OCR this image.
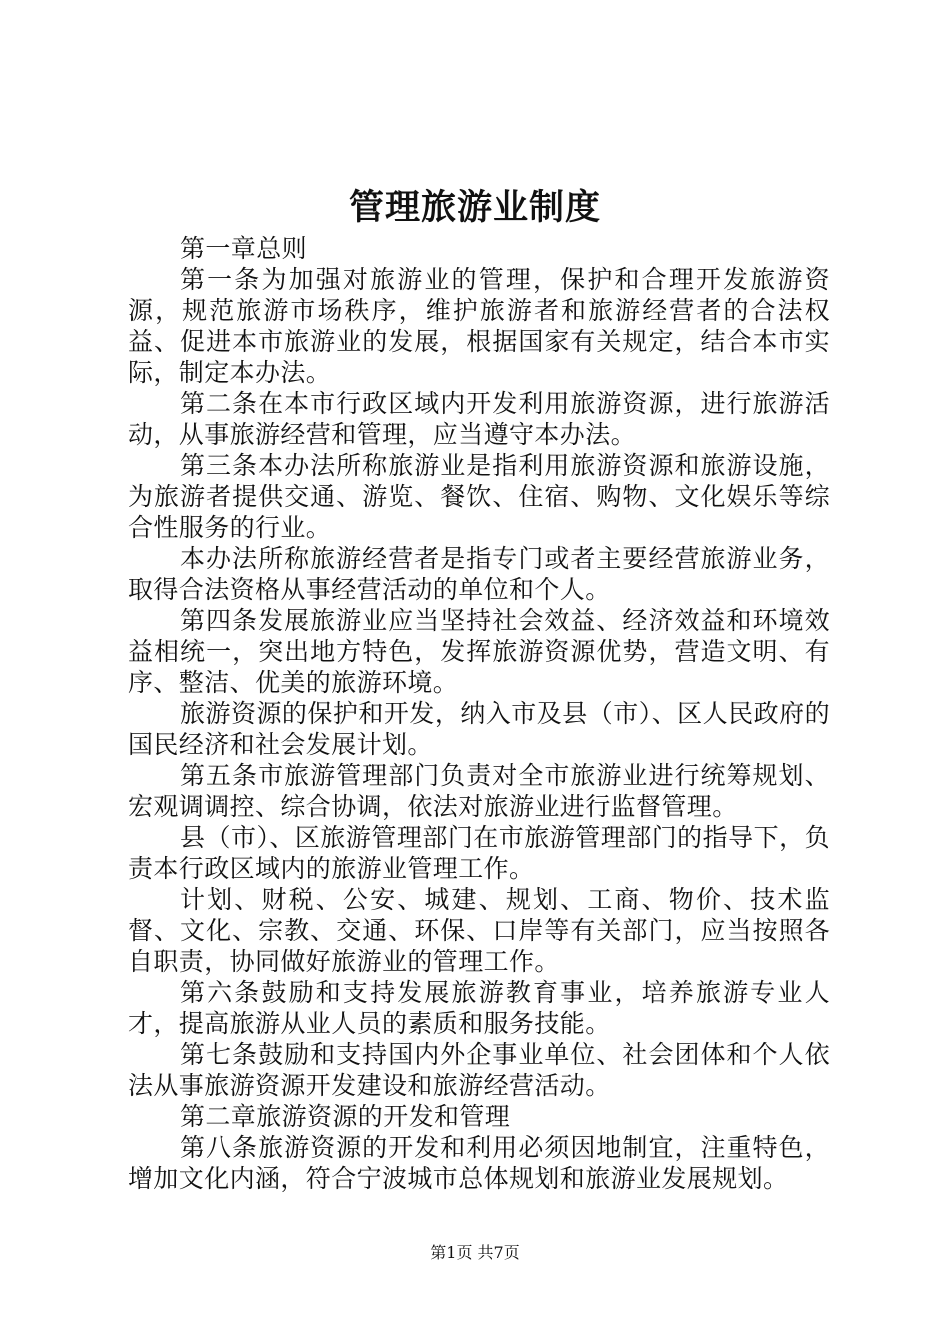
管理旅游业制度

第一章总则

第一条为加强对旅游业的管理，保护和合理开发旅游资源，规范旅游市场秩序，维护旅游者和旅游经营者的合法权益、促进本市旅游业的发展，根据国家有关规定，结合本市实际，制定本办法。

第二条在本市行政区域内开发利用旅游资源，进行旅游活动，从事旅游经营和管理，应当遵守本办法。

第三条本办法所称旅游业是指利用旅游资源和旅游设施，为旅游者提供交通、游览、餐饮、住宿、购物、文化娱乐等综合性服务的行业。

本办法所称旅游经营者是指专门或者主要经营旅游业务，取得合法资格从事经营活动的单位和个人。

第四条发展旅游业应当坚持社会效益、经济效益和环境效益相统一，突出地方特色，发挥旅游资源优势，营造文明、有序、整洁、优美的旅游环境。

旅游资源的保护和开发，纳入市及县（市）、区人民政府的国民经济和社会发展计划。

第五条市旅游管理部门负责对全市旅游业进行统筹规划、宏观调调控、综合协调，依法对旅游业进行监督管理。

县（市）、区旅游管理部门在市旅游管理部门的指导下，负责本行政区域内的旅游业管理工作。

计划、财税、公安、城建、规划、工商、物价、技术监督、文化、宗教、交通、环保、口岸等有关部门，应当按照各自职责，协同做好旅游业的管理工作。

第六条鼓励和支持发展旅游教育事业，培养旅游专业人才，提高旅游从业人员的素质和服务技能。

第七条鼓励和支持国内外企事业单位、社会团体和个人依法从事旅游资源开发建设和旅游经营活动。

第二章旅游资源的开发和管理

第八条旅游资源的开发和利用必须因地制宜，注重特色，增加文化内涵，符合宁波城市总体规划和旅游业发展规划。

第1页 共7页
